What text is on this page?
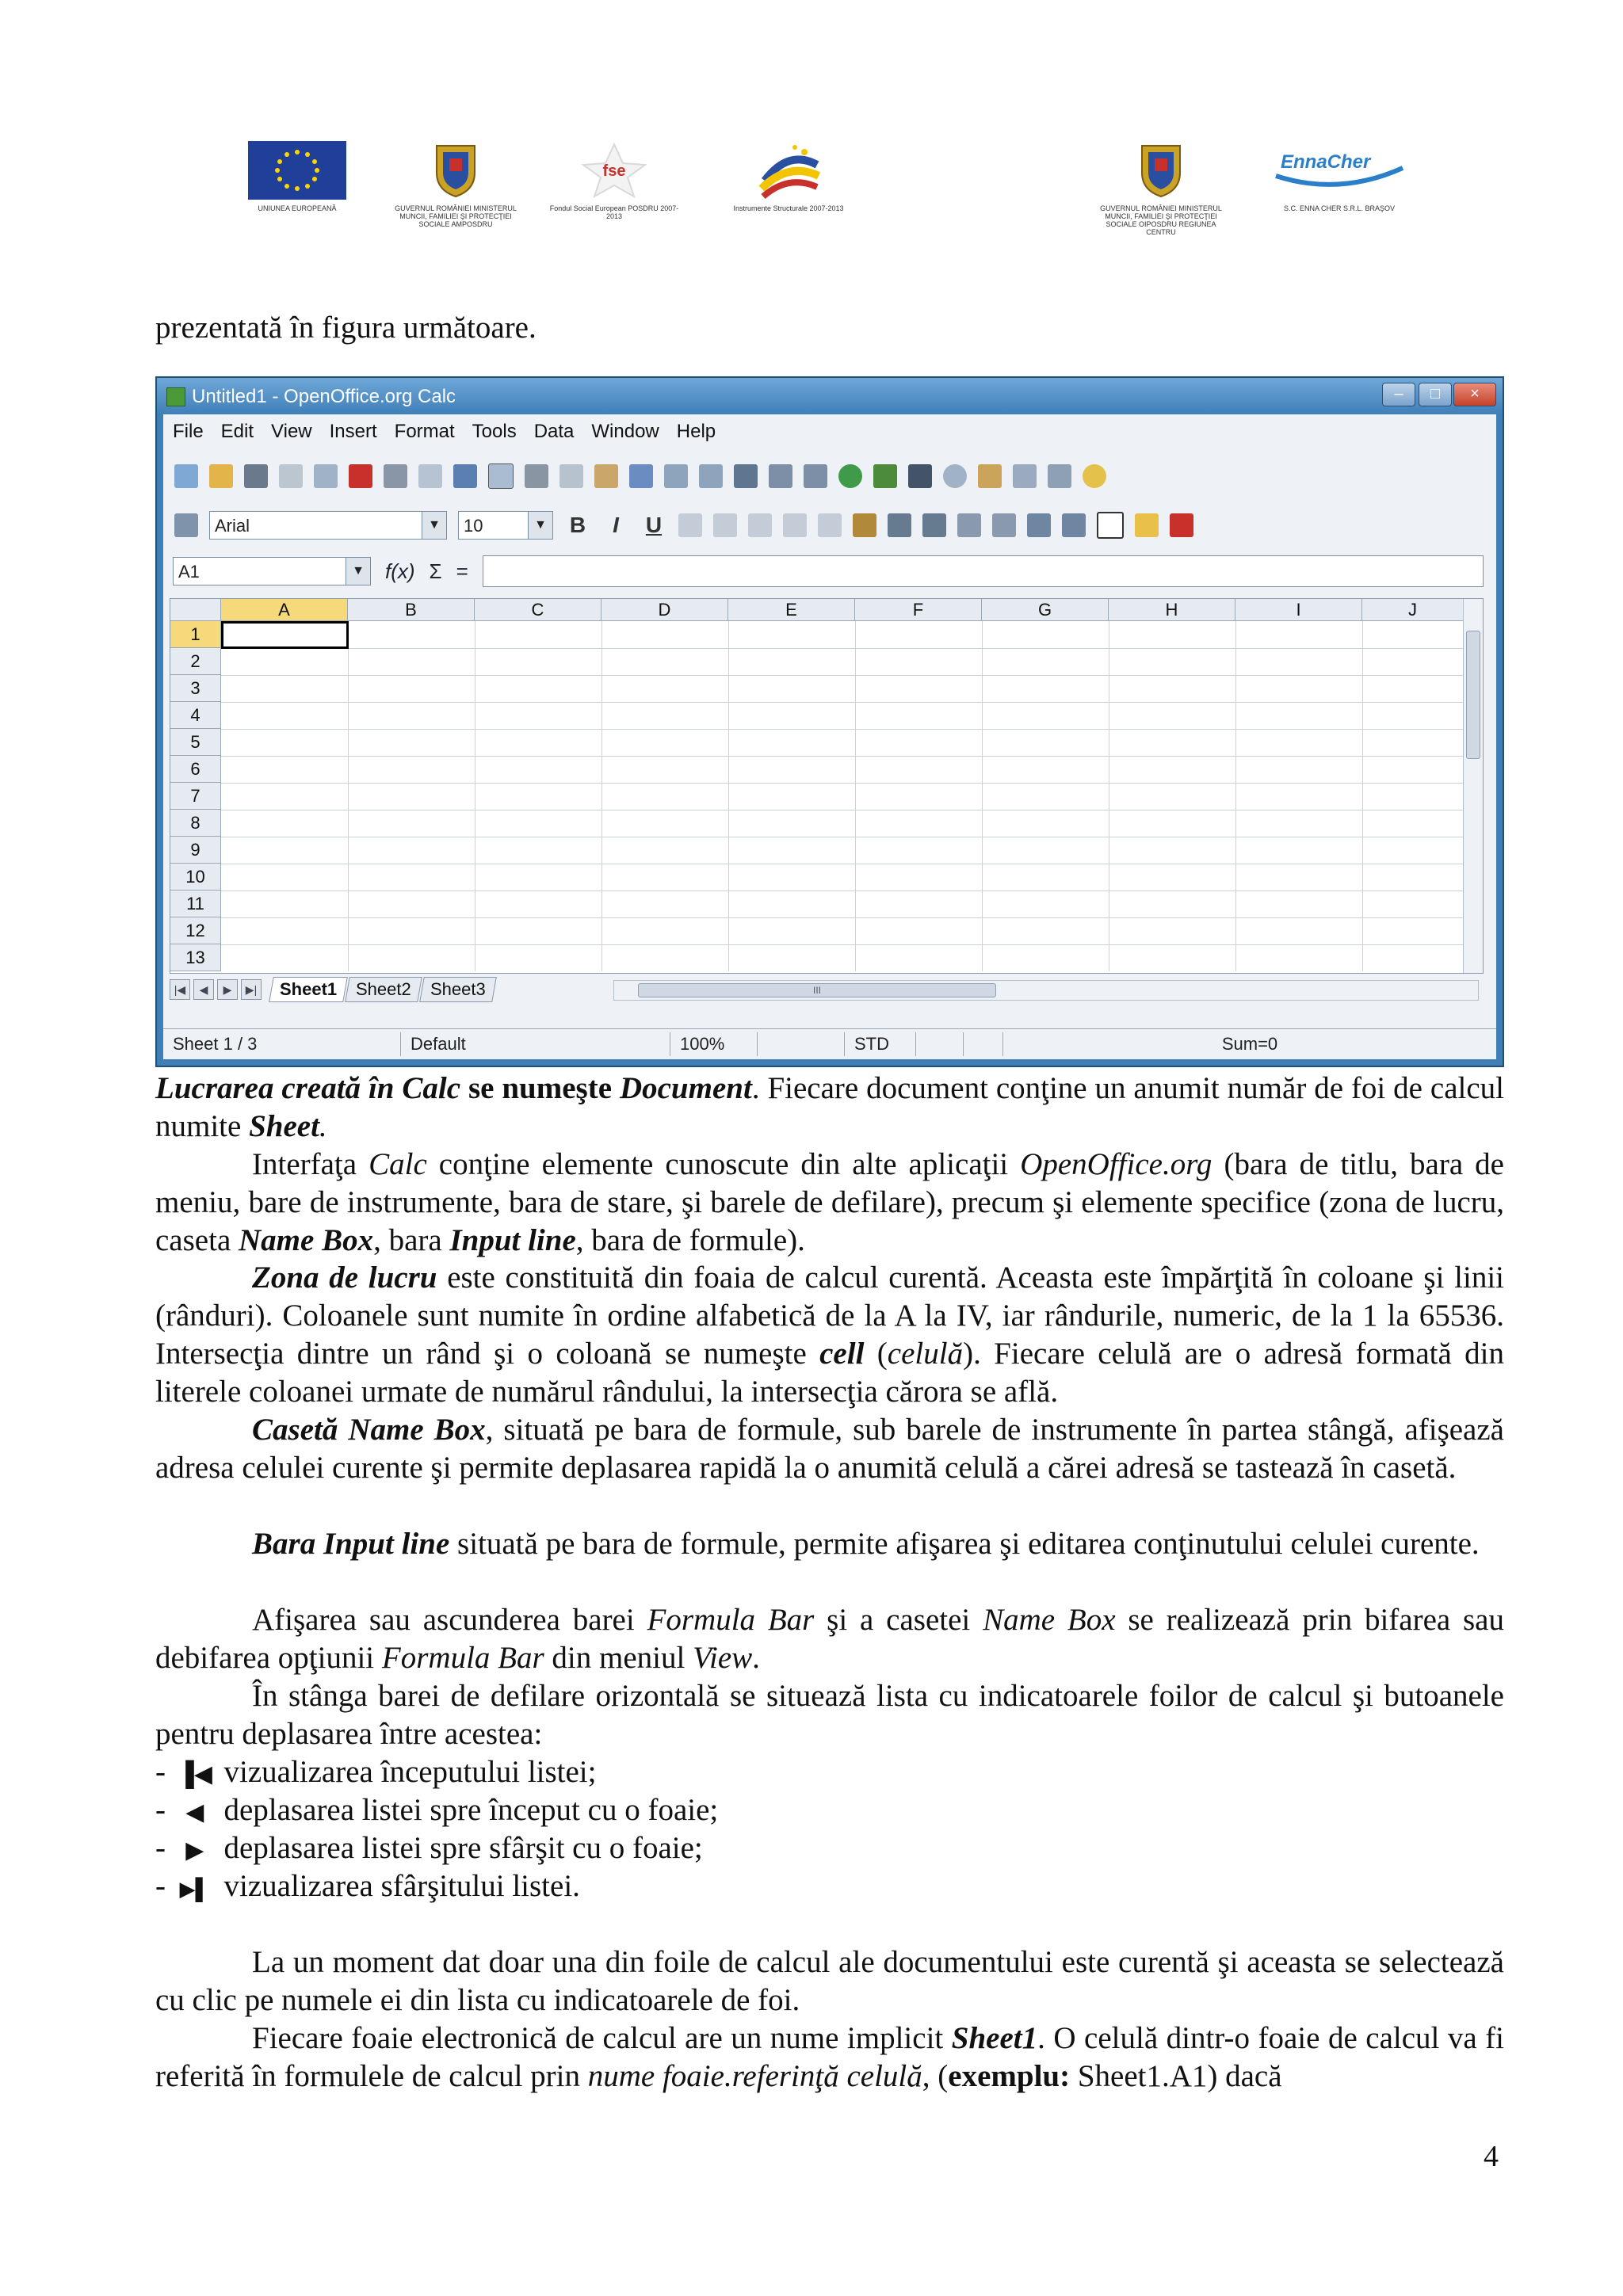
UNIUNEA EUROPEANĂ	GUVERNUL ROMÂNIEI MINISTERUL MUNCII, FAMILIEI ŞI PROTECŢIEI SOCIALE AMPOSDRU
fse
Fondul Social European POSDRU 2007-2013
Instrumente Structurale 2007-2013	GUVERNUL ROMÂNIEI MINISTERUL MUNCII, FAMILIEI ŞI PROTECŢIEI SOCIALE OIPOSDRU REGIUNEA CENTRU
EnnaCher
S.C. ENNA CHER S.R.L. BRAŞOV
prezentată în figura următoare.
Untitled1 - OpenOffice.org Calc	–	□	×
File Edit View Insert Format Tools Data Window Help
Arial	▼	10	▼ B	I	U
A1	▼ f(x) Σ =
A	B	C	D	E	F	G	H	I	J
1
2
3
4
5
6
7
8
9
10
11
12
13
|◀	◀	▶	▶|	Sheet1	Sheet2	Sheet3	III
Sheet 1 / 3	Default	100%	STD	Sum=0
Lucrarea creată în Calc se numeşte Document. Fiecare document conţine un anumit număr de foi de calcul numite Sheet.
Interfaţa Calc conţine elemente cunoscute din alte aplicaţii OpenOffice.org (bara de titlu, bara de meniu, bare de instrumente, bara de stare, şi barele de defilare), precum şi elemente specifice (zona de lucru, caseta Name Box, bara Input line, bara de formule).
Zona de lucru este constituită din foaia de calcul curentă. Aceasta este împărţită în coloane şi linii (rânduri). Coloanele sunt numite în ordine alfabetică de la A la IV, iar rândurile, numeric, de la 1 la 65536. Intersecţia dintre un rând şi o coloană se numeşte cell (celulă). Fiecare celulă are o adresă formată din literele coloanei urmate de numărul rândului, la intersecţia cărora se află.
Casetă Name Box, situată pe bara de formule, sub barele de instrumente în partea stângă, afişează adresa celulei curente şi permite deplasarea rapidă la o anumită celulă a cărei adresă se tastează în casetă.
Bara Input line situată pe bara de formule, permite afişarea şi editarea conţinutului celulei curente.
Afişarea sau ascunderea barei Formula Bar şi a casetei Name Box se realizează prin bifarea sau debifarea opţiunii Formula Bar din meniul View.
În stânga barei de defilare orizontală se situează lista cu indicatoarele foilor de calcul şi butoanele pentru deplasarea între acestea:
- ▐◀ vizualizarea începutului listei;
- ◀ deplasarea listei spre început cu o foaie;
- ▶ deplasarea listei spre sfârşit cu o foaie;
- ▶▌ vizualizarea sfârşitului listei.
La un moment dat doar una din foile de calcul ale documentului este curentă şi aceasta se selectează cu clic pe numele ei din lista cu indicatoarele de foi.
Fiecare foaie electronică de calcul are un nume implicit Sheet1. O celulă dintr-o foaie de calcul va fi referită în formulele de calcul prin nume foaie.referinţă celulă, (exemplu: Sheet1.A1) dacă
4
